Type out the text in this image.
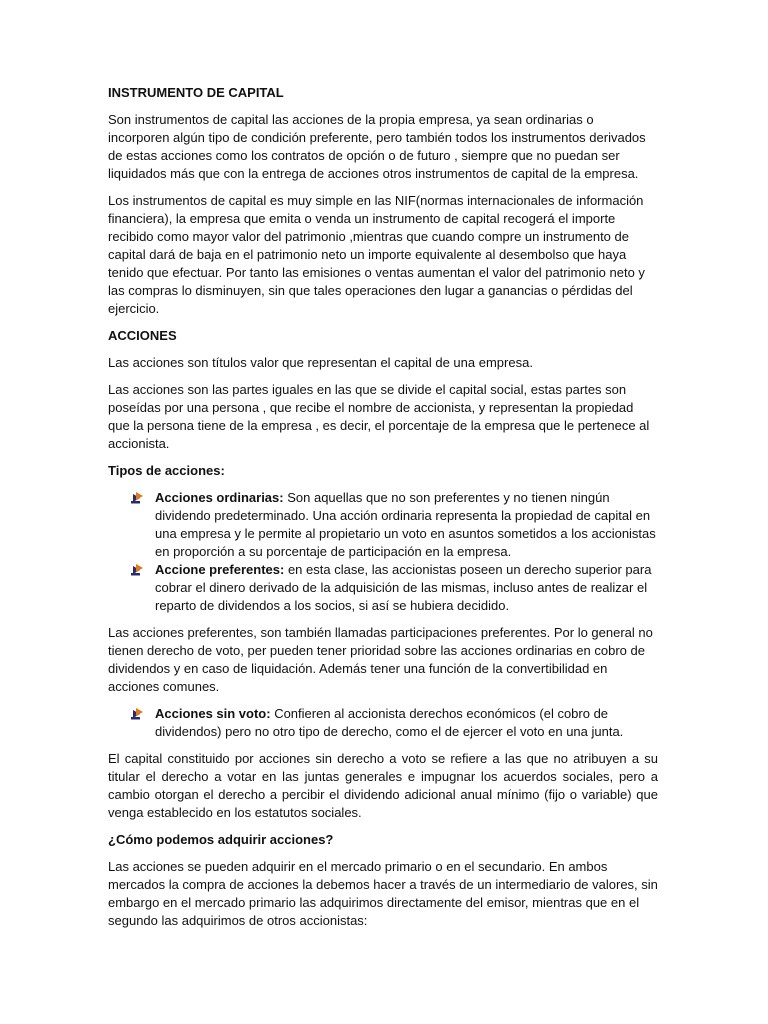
INSTRUMENTO DE CAPITAL

Son instrumentos de capital las acciones de la propia empresa, ya sean ordinarias o incorporen algún tipo de condición preferente, pero también todos los instrumentos derivados de estas acciones como los contratos de opción o de futuro , siempre que no puedan ser liquidados más que con la entrega de acciones otros instrumentos de capital de la empresa.

Los instrumentos de capital es muy simple en las NIF(normas internacionales de información financiera), la empresa que emita o venda un instrumento de capital recogerá el importe recibido como mayor valor del patrimonio ,mientras que cuando compre un instrumento de capital dará de baja en el patrimonio neto un importe equivalente al desembolso que haya tenido que efectuar. Por tanto las emisiones o ventas aumentan el valor del patrimonio neto y las compras lo disminuyen, sin que tales operaciones den lugar a ganancias o pérdidas del ejercicio.

ACCIONES

Las acciones son títulos valor que representan el capital de una empresa.

Las acciones son las partes iguales en las que se divide el capital social, estas partes son poseídas por una persona , que recibe el nombre de accionista, y representan la propiedad que la persona tiene de la empresa , es decir, el porcentaje de la empresa que le pertenece al accionista.

Tipos de acciones:
Acciones ordinarias: Son aquellas que no son preferentes y no tienen ningún dividendo predeterminado. Una acción ordinaria representa la propiedad de capital en una empresa y le permite al propietario un voto en asuntos sometidos a los accionistas en proporción a su porcentaje de participación en la empresa.
Accione preferentes: en esta clase, las accionistas poseen un derecho superior para cobrar el dinero derivado de la adquisición de las mismas, incluso antes de realizar el reparto de dividendos a los socios, si así se hubiera decidido.

Las acciones preferentes, son también llamadas participaciones preferentes. Por lo general no tienen derecho de voto, per pueden tener prioridad sobre las acciones ordinarias en cobro de dividendos y en caso de liquidación. Además tener una función de la convertibilidad en acciones comunes.

Acciones sin voto: Confieren al accionista derechos económicos (el cobro de dividendos) pero no otro tipo de derecho, como el de ejercer el voto en una junta.

El capital constituido por acciones sin derecho a voto se refiere a las que no atribuyen a su titular el derecho a votar en las juntas generales e impugnar los acuerdos sociales, pero a cambio otorgan el derecho a percibir el dividendo adicional anual mínimo (fijo o variable) que venga establecido en los estatutos sociales.

¿Cómo podemos adquirir acciones?

Las acciones se pueden adquirir en el mercado primario o en el secundario. En ambos mercados la compra de acciones la debemos hacer a través de un intermediario de valores, sin embargo en el mercado primario las adquirimos directamente del emisor, mientras que en el segundo las adquirimos de otros accionistas:
